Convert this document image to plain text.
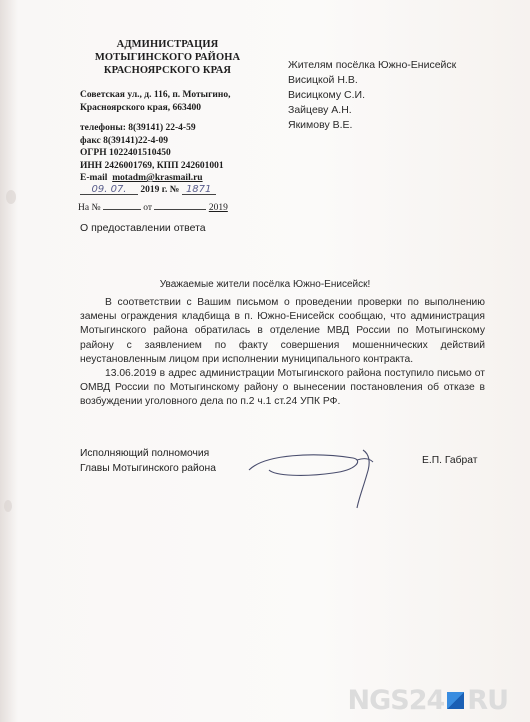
АДМИНИСТРАЦИЯ
МОТЫГИНСКОГО РАЙОНА
КРАСНОЯРСКОГО КРАЯ
Советская ул., д. 116, п. Мотыгино,
Красноярского края, 663400
телефоны: 8(39141) 22-4-59
факс 8(39141)22-4-09
ОГРН 1022401510450
ИНН 2426001769, КПП 242601001
E-mail motadm@krasmail.ru
09. 07. 2019 г. № 1871
На №	от	2019
Жителям посёлка Южно-Енисейск
Висицкой Н.В.
Висицкому С.И.
Зайцеву А.Н.
Якимову В.Е.
О предоставлении ответа
Уважаемые жители посёлка Южно-Енисейск!

В соответствии с Вашим письмом о проведении проверки по выполнению замены ограждения кладбища в п. Южно-Енисейск сообщаю, что администрация Мотыгинского района обратилась в отделение МВД России по Мотыгинскому району с заявлением по факту совершения мошеннических действий неустановленным лицом при исполнении муниципального контракта.

13.06.2019 в адрес администрации Мотыгинского района поступило письмо от ОМВД России по Мотыгинскому району о вынесении постановления об отказе в возбуждении уголовного дела по п.2 ч.1 ст.24 УПК РФ.

Исполняющий полномочия
Главы Мотыгинского района
Е.П. Габрат
NGS24 RU
